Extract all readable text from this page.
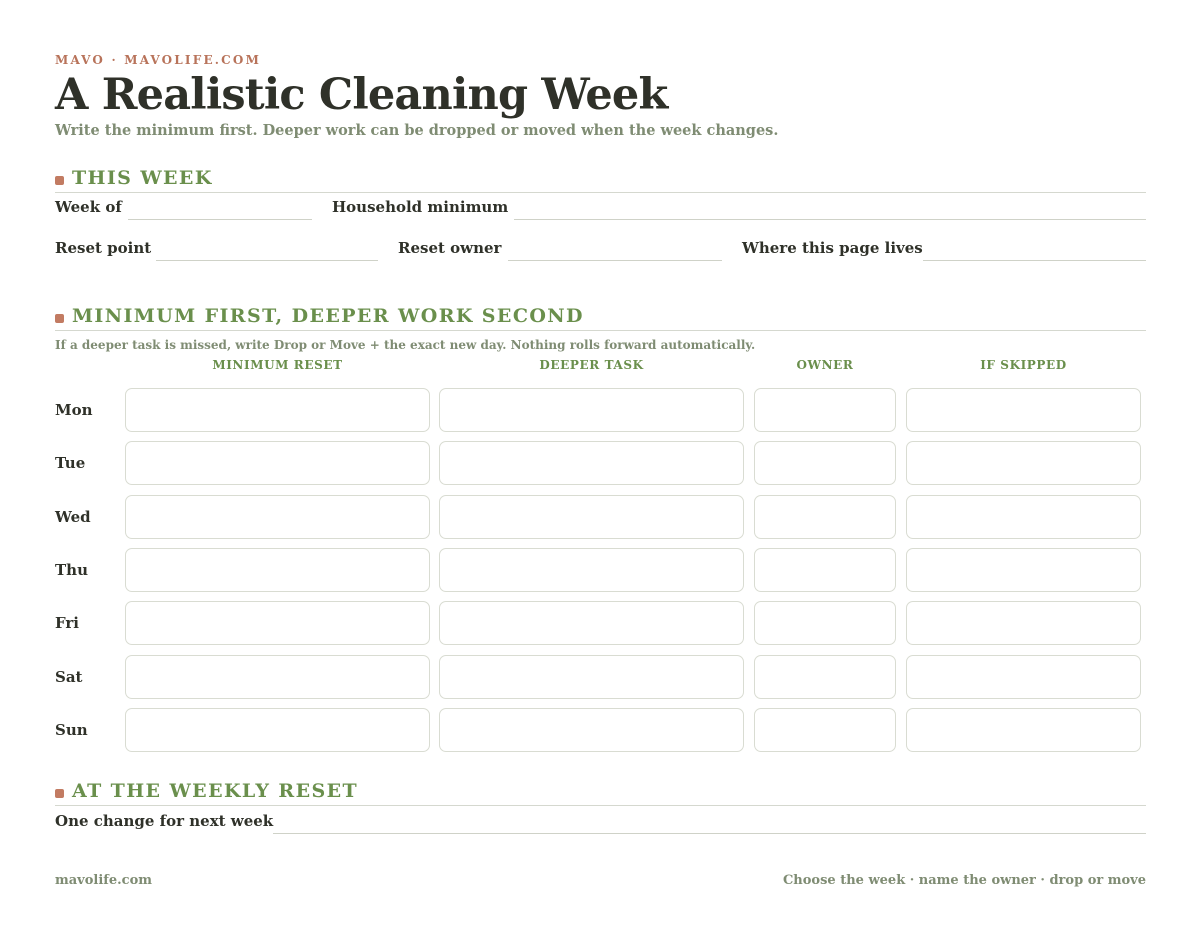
MAVO · MAVOLIFE.COM
A Realistic Cleaning Week
Write the minimum first. Deeper work can be dropped or moved when the week changes.
THIS WEEK
Week of	Household minimum
Reset point	Reset owner	Where this page lives
MINIMUM FIRST, DEEPER WORK SECOND
If a deeper task is missed, write Drop or Move + the exact new day. Nothing rolls forward automatically.
MINIMUM RESET	DEEPER TASK	OWNER	IF SKIPPED
Mon
Tue
Wed
Thu
Fri
Sat
Sun
AT THE WEEKLY RESET
One change for next week
mavolife.com	Choose the week · name the owner · drop or move
